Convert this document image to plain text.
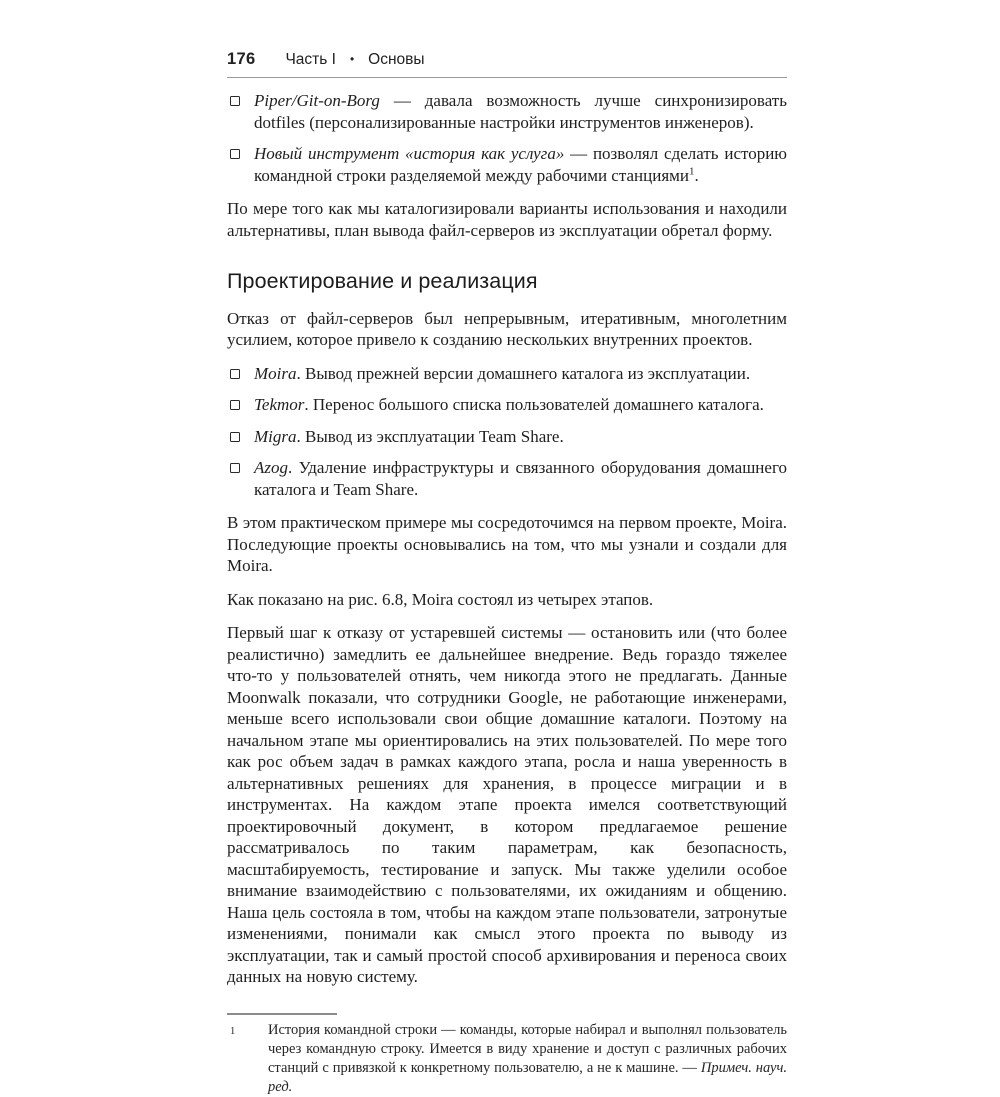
176 Часть I • Основы
Piper/Git-on-Borg — давала возможность лучше синхронизировать dotfiles (персонализированные настройки инструментов инженеров).
Новый инструмент «история как услуга» — позволял сделать историю командной строки разделяемой между рабочими станциями$^1$.

По мере того как мы каталогизировали варианты использования и находили альтернативы, план вывода файл-серверов из эксплуатации обретал форму.

Проектирование и реализация

Отказ от файл-серверов был непрерывным, итеративным, многолетним усилием, которое привело к созданию нескольких внутренних проектов.

Moira. Вывод прежней версии домашнего каталога из эксплуатации.
Tekmor. Перенос большого списка пользователей домашнего каталога.
Migra. Вывод из эксплуатации Team Share.
Azog. Удаление инфраструктуры и связанного оборудования домашнего каталога и Team Share.

В этом практическом примере мы сосредоточимся на первом проекте, Moira. Последующие проекты основывались на том, что мы узнали и создали для Moira.

Как показано на рис. 6.8, Moira состоял из четырех этапов.

Первый шаг к отказу от устаревшей системы — остановить или (что более реалистично) замедлить ее дальнейшее внедрение. Ведь гораздо тяжелее что-то у пользователей отнять, чем никогда этого не предлагать. Данные Moonwalk показали, что сотрудники Google, не работающие инженерами, меньше всего использовали свои общие домашние каталоги. Поэтому на начальном этапе мы ориентировались на этих пользователей. По мере того как рос объем задач в рамках каждого этапа, росла и наша уверенность в альтернативных решениях для хранения, в процессе миграции и в инструментах. На каждом этапе проекта имелся соответствующий проектировочный документ, в котором предлагаемое решение рассматривалось по таким параметрам, как безопасность, масштабируемость, тестирование и запуск. Мы также уделили особое внимание взаимодействию с пользователями, их ожиданиям и общению. Наша цель состояла в том, чтобы на каждом этапе пользователи, затронутые изменениями, понимали как смысл этого проекта по выводу из эксплуатации, так и самый простой способ архивирования и переноса своих данных на новую систему.

1	История командной строки — команды, которые набирал и выполнял пользователь через командную строку. Имеется в виду хранение и доступ с различных рабочих станций с привязкой к конкретному пользователю, а не к машине. — Примеч. науч. ред.
